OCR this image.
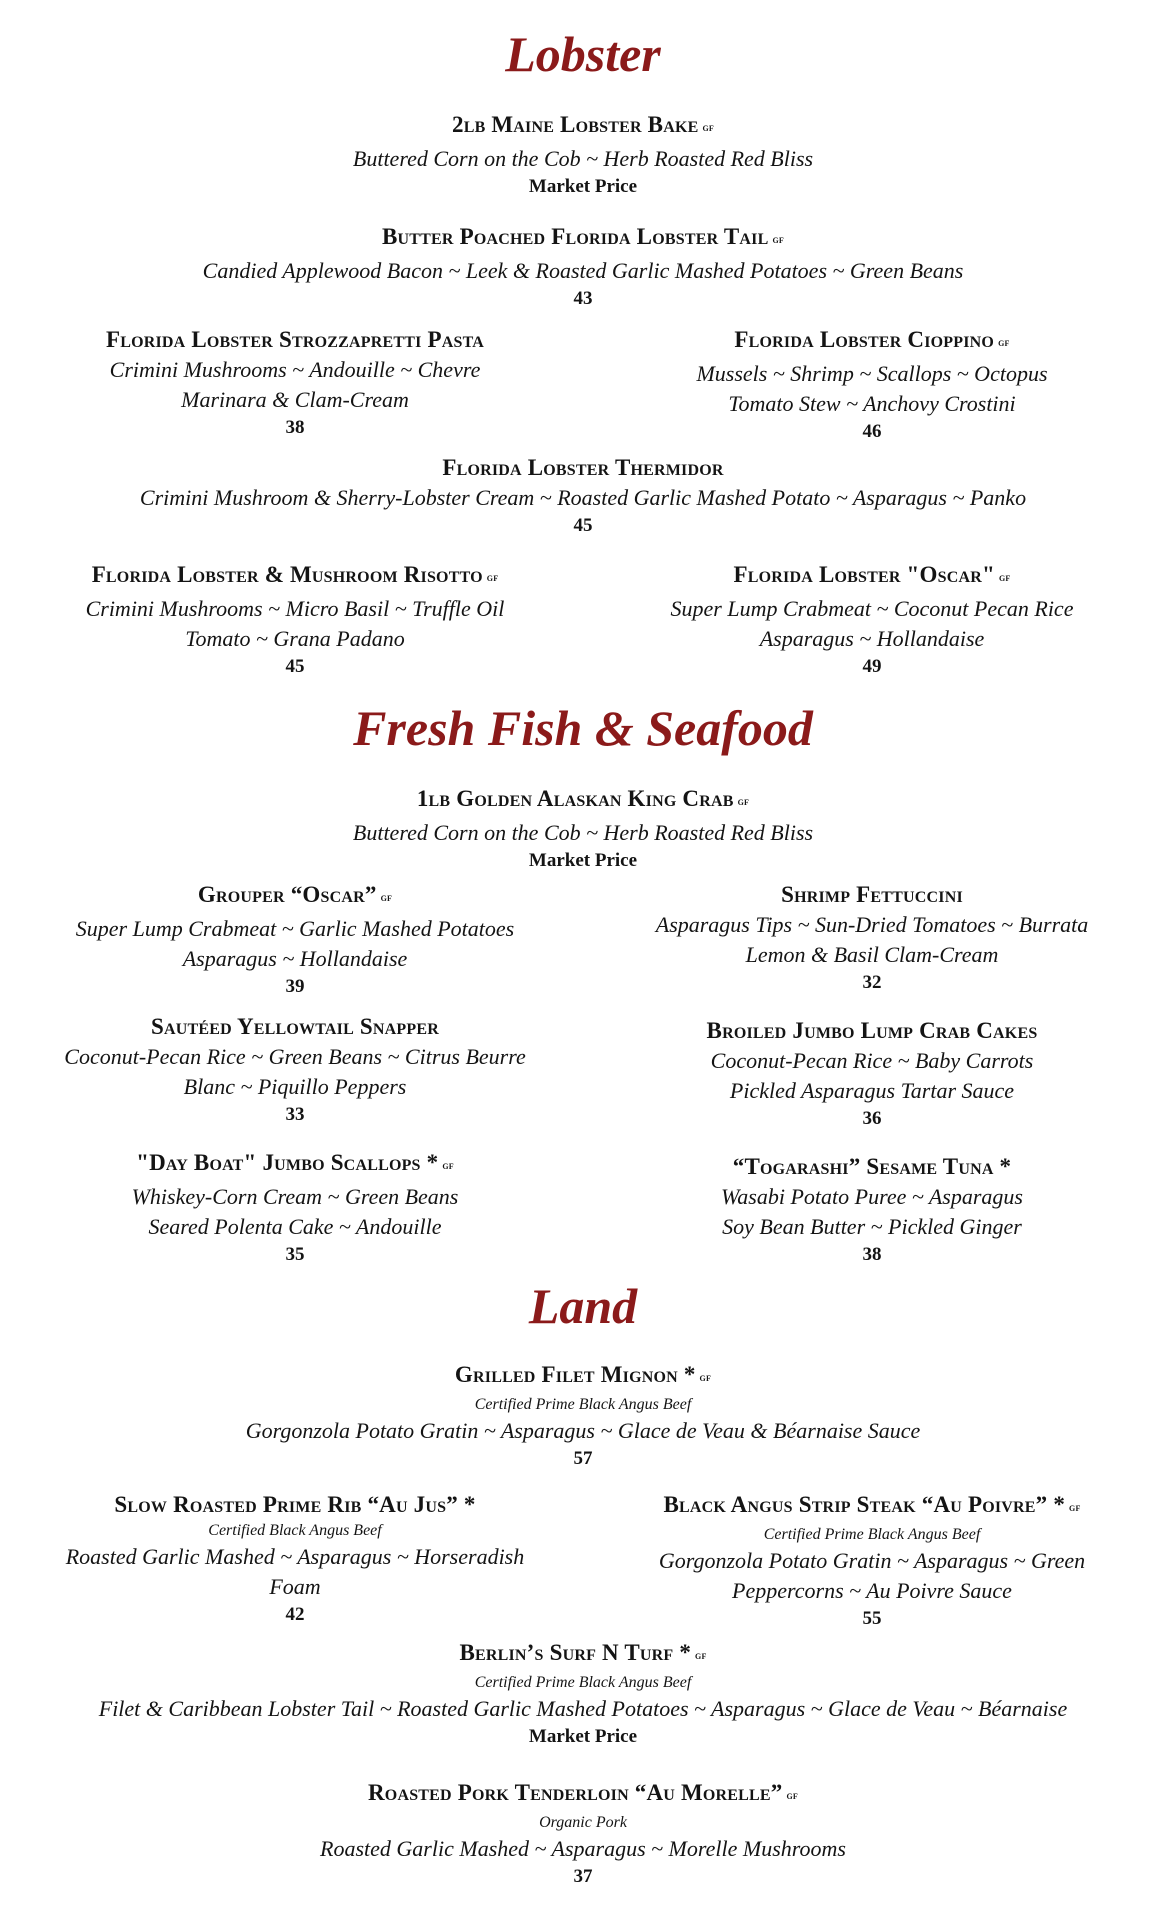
Lobster
2lb Maine Lobster Bake gf
Buttered Corn on the Cob ~ Herb Roasted Red Bliss
Market Price
Butter Poached Florida Lobster Tail gf
Candied Applewood Bacon ~ Leek & Roasted Garlic Mashed Potatoes ~ Green Beans
43
Florida Lobster Strozzapretti Pasta
Crimini Mushrooms ~ Andouille ~ Chevre
Marinara & Clam-Cream
38
Florida Lobster Cioppino gf
Mussels ~ Shrimp ~ Scallops ~ Octopus
Tomato Stew ~ Anchovy Crostini
46
Florida Lobster Thermidor
Crimini Mushroom & Sherry-Lobster Cream ~ Roasted Garlic Mashed Potato ~ Asparagus ~ Panko
45
Florida Lobster & Mushroom Risotto gf
Crimini Mushrooms ~ Micro Basil ~ Truffle Oil
Tomato ~ Grana Padano
45
Florida Lobster "Oscar" gf
Super Lump Crabmeat ~ Coconut Pecan Rice
Asparagus ~ Hollandaise
49
Fresh Fish & Seafood
1lb Golden Alaskan King Crab gf
Buttered Corn on the Cob ~ Herb Roasted Red Bliss
Market Price
Grouper “Oscar” gf
Super Lump Crabmeat ~ Garlic Mashed Potatoes
Asparagus ~ Hollandaise
39
Shrimp Fettuccini
Asparagus Tips ~ Sun-Dried Tomatoes ~ Burrata
Lemon & Basil Clam-Cream
32
Sautéed Yellowtail Snapper
Coconut-Pecan Rice ~ Green Beans ~ Citrus Beurre
Blanc ~ Piquillo Peppers
33
Broiled Jumbo Lump Crab Cakes
Coconut-Pecan Rice ~ Baby Carrots
Pickled Asparagus Tartar Sauce
36
"Day Boat" Jumbo Scallops * gf
Whiskey-Corn Cream ~ Green Beans
Seared Polenta Cake ~ Andouille
35
“Togarashi” Sesame Tuna *
Wasabi Potato Puree ~ Asparagus
Soy Bean Butter ~ Pickled Ginger
38
Land
Grilled Filet Mignon * gf
Certified Prime Black Angus Beef
Gorgonzola Potato Gratin ~ Asparagus ~ Glace de Veau & Béarnaise Sauce
57
Slow Roasted Prime Rib “Au Jus” *
Certified Black Angus Beef
Roasted Garlic Mashed ~ Asparagus ~ Horseradish
Foam
42
Black Angus Strip Steak “Au Poivre” * gf
Certified Prime Black Angus Beef
Gorgonzola Potato Gratin ~ Asparagus ~ Green
Peppercorns ~ Au Poivre Sauce
55
Berlin’s Surf N Turf * gf
Certified Prime Black Angus Beef
Filet & Caribbean Lobster Tail ~ Roasted Garlic Mashed Potatoes ~ Asparagus ~ Glace de Veau ~ Béarnaise
Market Price
Roasted Pork Tenderloin “Au Morelle” gf
Organic Pork
Roasted Garlic Mashed ~ Asparagus ~ Morelle Mushrooms
37
